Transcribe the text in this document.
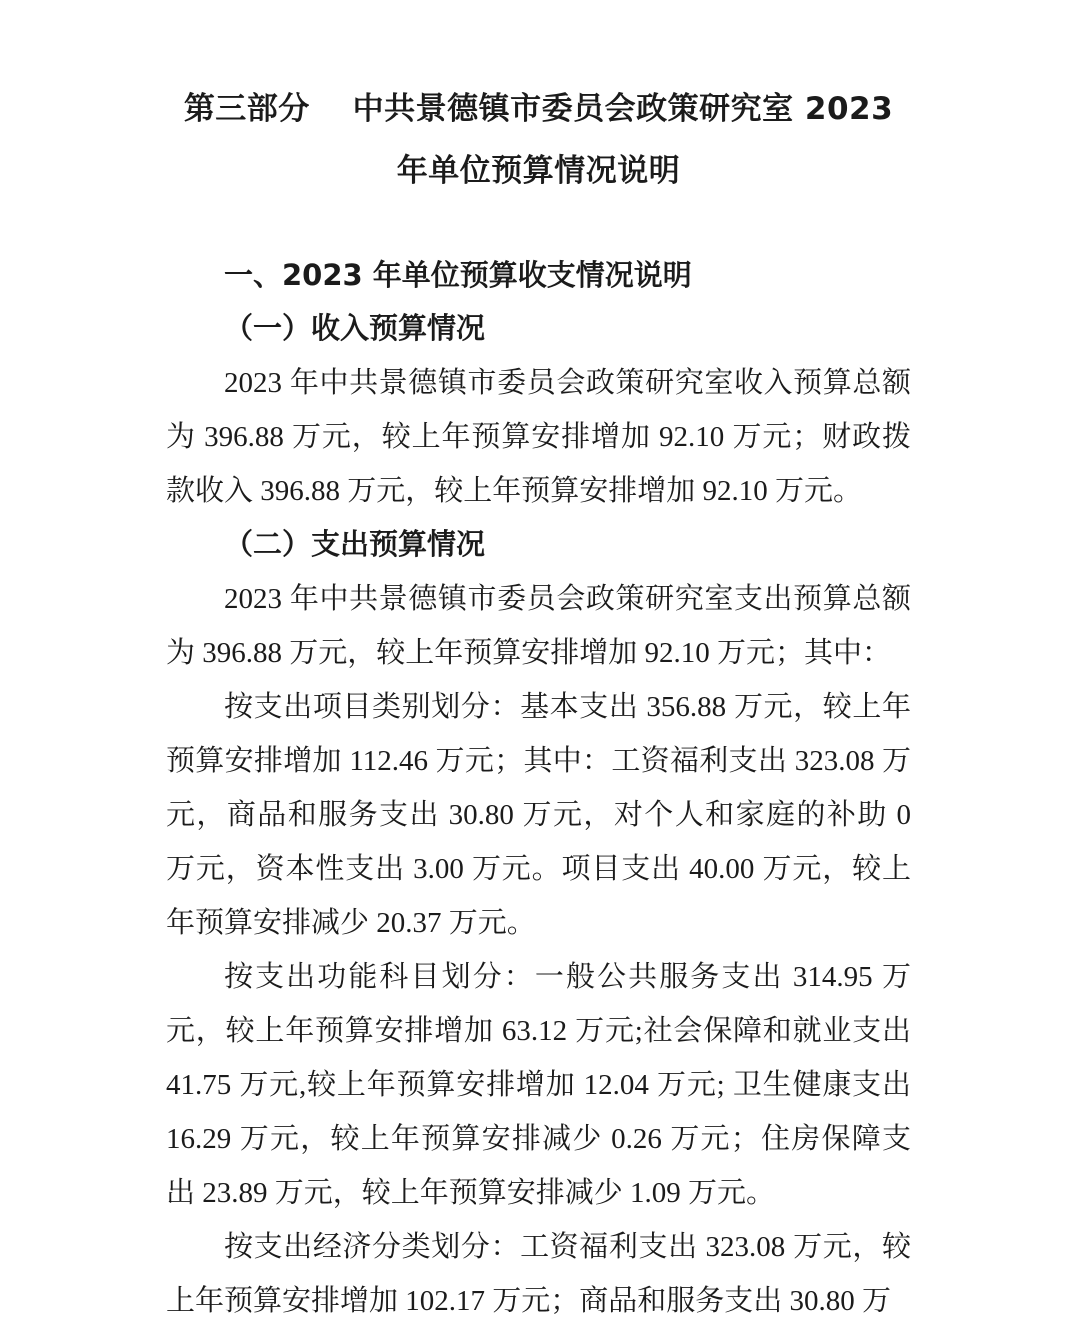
第三部分　 中共景德镇市委员会政策研究室 2023 年单位预算情况说明
一、2023 年单位预算收支情况说明
（一）收入预算情况

2023 年中共景德镇市委员会政策研究室收入预算总额为 396.88 万元，较上年预算安排增加 92.10 万元；财政拨款收入 396.88 万元，较上年预算安排增加 92.10 万元。

（二）支出预算情况

2023 年中共景德镇市委员会政策研究室支出预算总额为 396.88 万元，较上年预算安排增加 92.10 万元；其中：

按支出项目类别划分：基本支出 356.88 万元，较上年预算安排增加 112.46 万元；其中：工资福利支出 323.08 万元，商品和服务支出 30.80 万元，对个人和家庭的补助 0 万元，资本性支出 3.00 万元。项目支出 40.00 万元，较上年预算安排减少 20.37 万元。

按支出功能科目划分：一般公共服务支出 314.95 万元，较上年预算安排增加 63.12 万元;社会保障和就业支出 41.75 万元,较上年预算安排增加 12.04 万元; 卫生健康支出 16.29 万元，较上年预算安排减少 0.26 万元；住房保障支出 23.89 万元，较上年预算安排减少 1.09 万元。

按支出经济分类划分：工资福利支出 323.08 万元，较上年预算安排增加 102.17 万元；商品和服务支出 30.80 万
